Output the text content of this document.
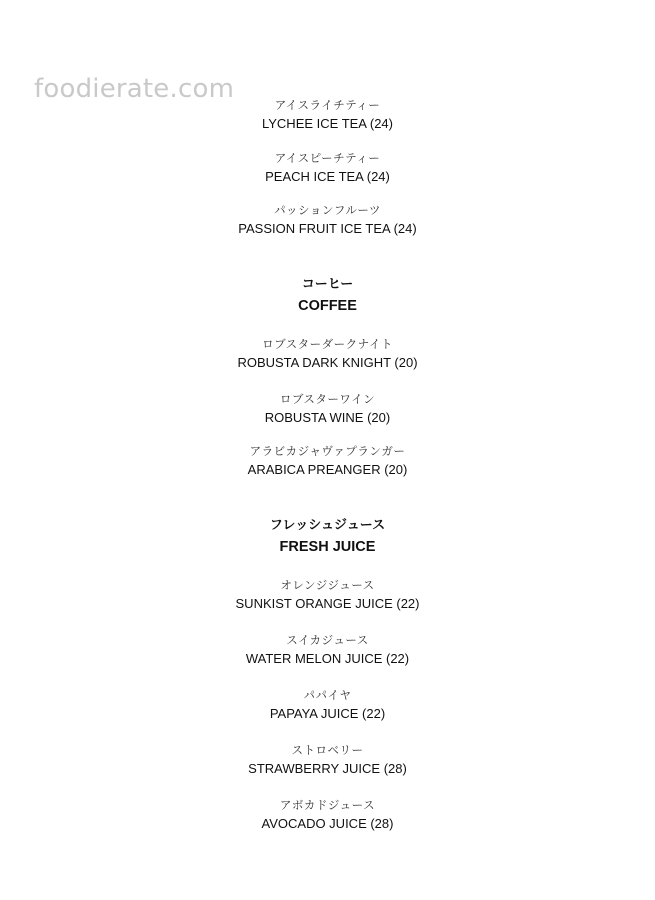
foodierate.com
アイスライチティー
LYCHEE ICE TEA (24)
アイスピーチティー
PEACH ICE TEA (24)
パッションフルーツ
PASSION FRUIT ICE TEA (24)
コーヒー
COFFEE
ロブスターダークナイト
ROBUSTA DARK KNIGHT (20)
ロブスターワイン
ROBUSTA WINE (20)
アラビカジャヴァプランガー
ARABICA PREANGER (20)
フレッシュジュース
FRESH JUICE
オレンジジュース
SUNKIST ORANGE JUICE (22)
スイカジュース
WATER MELON JUICE (22)
パパイヤ
PAPAYA JUICE (22)
ストロベリー
STRAWBERRY JUICE (28)
アボカドジュース
AVOCADO JUICE (28)
